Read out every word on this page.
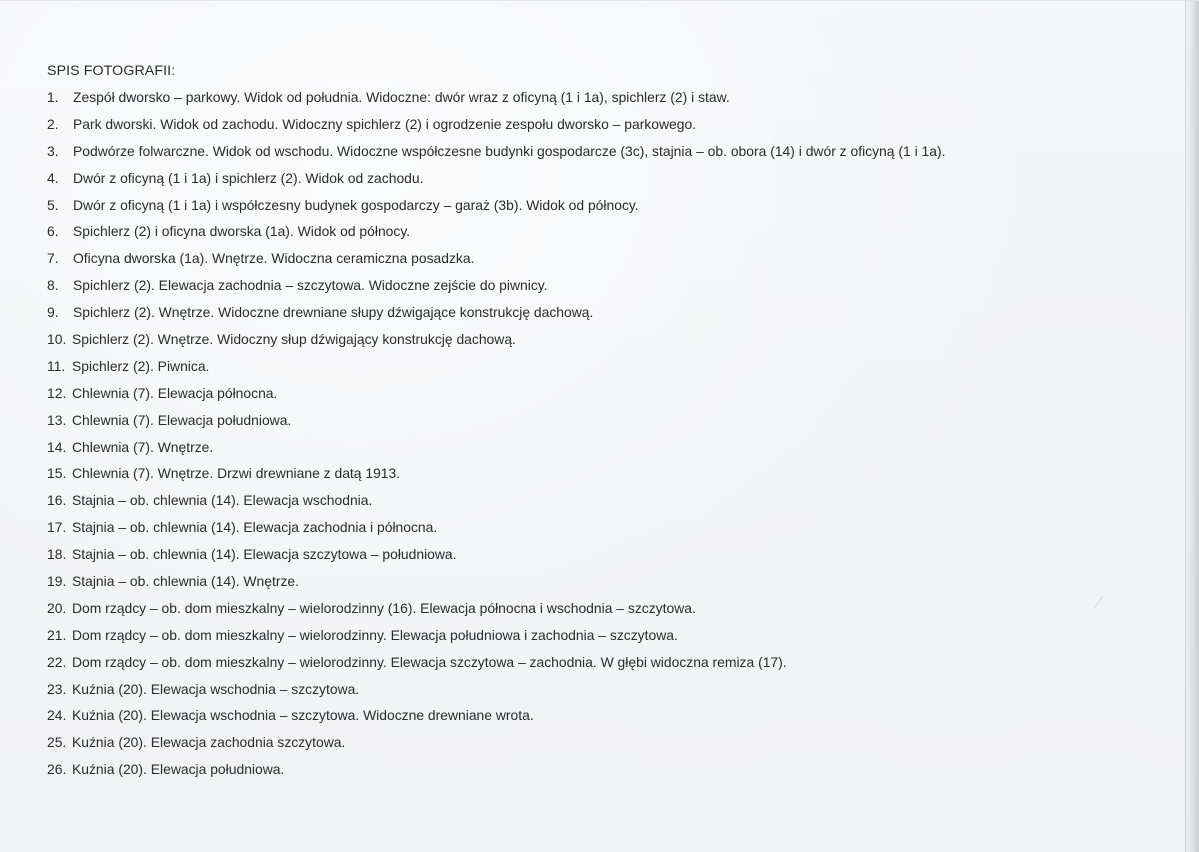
SPIS FOTOGRAFII:
1.	Zespół dworsko – parkowy. Widok od południa. Widoczne: dwór wraz z oficyną (1 i 1a), spichlerz (2) i staw.
2.	Park dworski. Widok od zachodu. Widoczny spichlerz (2) i ogrodzenie zespołu dworsko – parkowego.
3.	Podwórze folwarczne. Widok od wschodu. Widoczne współczesne budynki gospodarcze (3c), stajnia – ob. obora (14) i dwór z oficyną (1 i 1a).
4.	Dwór z oficyną (1 i 1a) i spichlerz (2). Widok od zachodu.
5.	Dwór z oficyną (1 i 1a) i współczesny budynek gospodarczy – garaż (3b). Widok od północy.
6.	Spichlerz (2) i oficyna dworska (1a). Widok od północy.
7.	Oficyna dworska (1a). Wnętrze. Widoczna ceramiczna posadzka.
8.	Spichlerz (2). Elewacja zachodnia – szczytowa. Widoczne zejście do piwnicy.
9.	Spichlerz (2). Wnętrze. Widoczne drewniane słupy dźwigające konstrukcję dachową.
10. Spichlerz (2). Wnętrze. Widoczny słup dźwigający konstrukcję dachową.
11. Spichlerz (2). Piwnica.
12. Chlewnia (7). Elewacja północna.
13. Chlewnia (7). Elewacja południowa.
14. Chlewnia (7). Wnętrze.
15. Chlewnia (7). Wnętrze. Drzwi drewniane z datą 1913.
16. Stajnia – ob. chlewnia (14). Elewacja wschodnia.
17. Stajnia – ob. chlewnia (14). Elewacja zachodnia i północna.
18. Stajnia – ob. chlewnia (14). Elewacja szczytowa – południowa.
19. Stajnia – ob. chlewnia (14). Wnętrze.
20. Dom rządcy – ob. dom mieszkalny – wielorodzinny (16). Elewacja północna i wschodnia – szczytowa.
21. Dom rządcy – ob. dom mieszkalny – wielorodzinny. Elewacja południowa i zachodnia – szczytowa.
22. Dom rządcy – ob. dom mieszkalny – wielorodzinny. Elewacja szczytowa – zachodnia. W głębi widoczna remiza (17).
23. Kuźnia (20). Elewacja wschodnia – szczytowa.
24. Kuźnia (20). Elewacja wschodnia – szczytowa. Widoczne drewniane wrota.
25. Kuźnia (20). Elewacja zachodnia szczytowa.
26. Kuźnia (20). Elewacja południowa.
